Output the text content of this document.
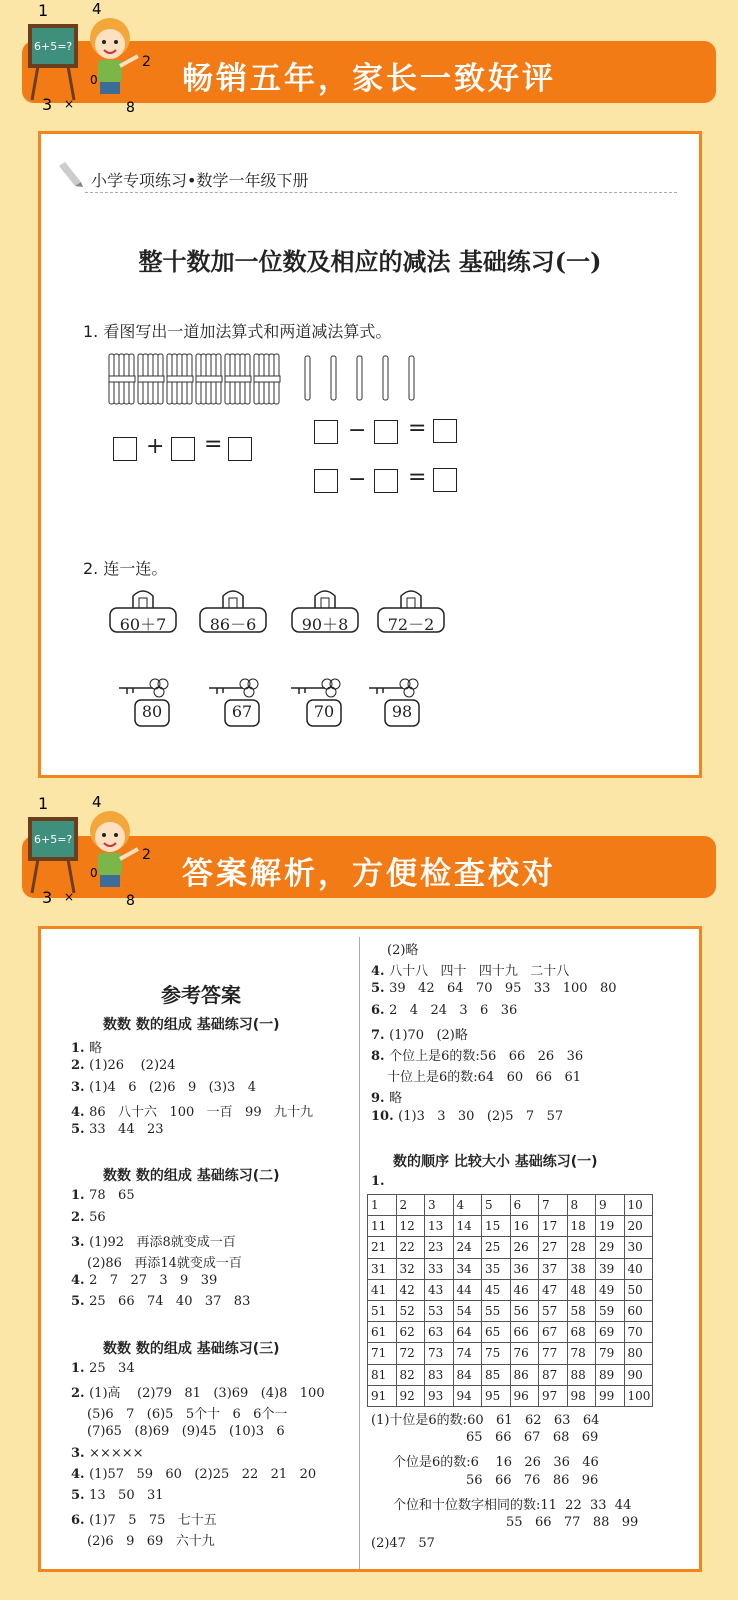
畅销五年，家长一致好评
1	4
2
3 ×	8
0
6+5=?
小学专项练习•数学一年级下册
整十数加一位数及相应的减法 基础练习(一)
1. 看图写出一道加法算式和两道减法算式。
+ =
− =
− =
2. 连一连。
60＋7	86－6	90＋8	72－2
80	67	70	98
答案解析，方便检查校对
1	4
2
3 ×	8
0
6+5=?
参考答案
数数 数的组成 基础练习(一)
1. 略
2. (1)26    (2)24
3. (1)4   6   (2)6   9   (3)3   4
4. 86   八十六   100   一百   99   九十九
5. 33   44   23
数数 数的组成 基础练习(二)
1. 78   65
2. 56
3. (1)92   再添8就变成一百
(2)86   再添14就变成一百
4. 2   7   27   3   9   39
5. 25   66   74   40   37   83
数数 数的组成 基础练习(三)
1. 25   34
2. (1)高    (2)79   81   (3)69   (4)8   100
(5)6   7   (6)5   5个十   6   6个一
(7)65   (8)69   (9)45   (10)3   6
3. ×××××
4. (1)57   59   60   (2)25   22   21   20
5. 13   50   31
6. (1)7   5   75   七十五
(2)6   9   69   六十九
(2)略
4. 八十八   四十   四十九   二十八
5. 39   42   64   70   95   33   100   80
6. 2   4   24   3   6   36
7. (1)70   (2)略
8. 个位上是6的数:56   66   26   36
十位上是6的数:64   60   66   61
9. 略
10. (1)3   3   30   (2)5   7   57
数的顺序 比较大小 基础练习(一)
1.
(1)十位是6的数:60   61   62   63   64
65   66   67   68   69
个位是6的数:6    16   26   36   46
56   66   76   86   96
个位和十位数字相同的数:11  22  33  44
55   66   77   88   99
(2)47   57
1	2	3	4	5	6	7	8	9	10
11	12	13	14	15	16	17	18	19	20
21	22	23	24	25	26	27	28	29	30
31	32	33	34	35	36	37	38	39	40
41	42	43	44	45	46	47	48	49	50
51	52	53	54	55	56	57	58	59	60
61	62	63	64	65	66	67	68	69	70
71	72	73	74	75	76	77	78	79	80
81	82	83	84	85	86	87	88	89	90
91	92	93	94	95	96	97	98	99	100
